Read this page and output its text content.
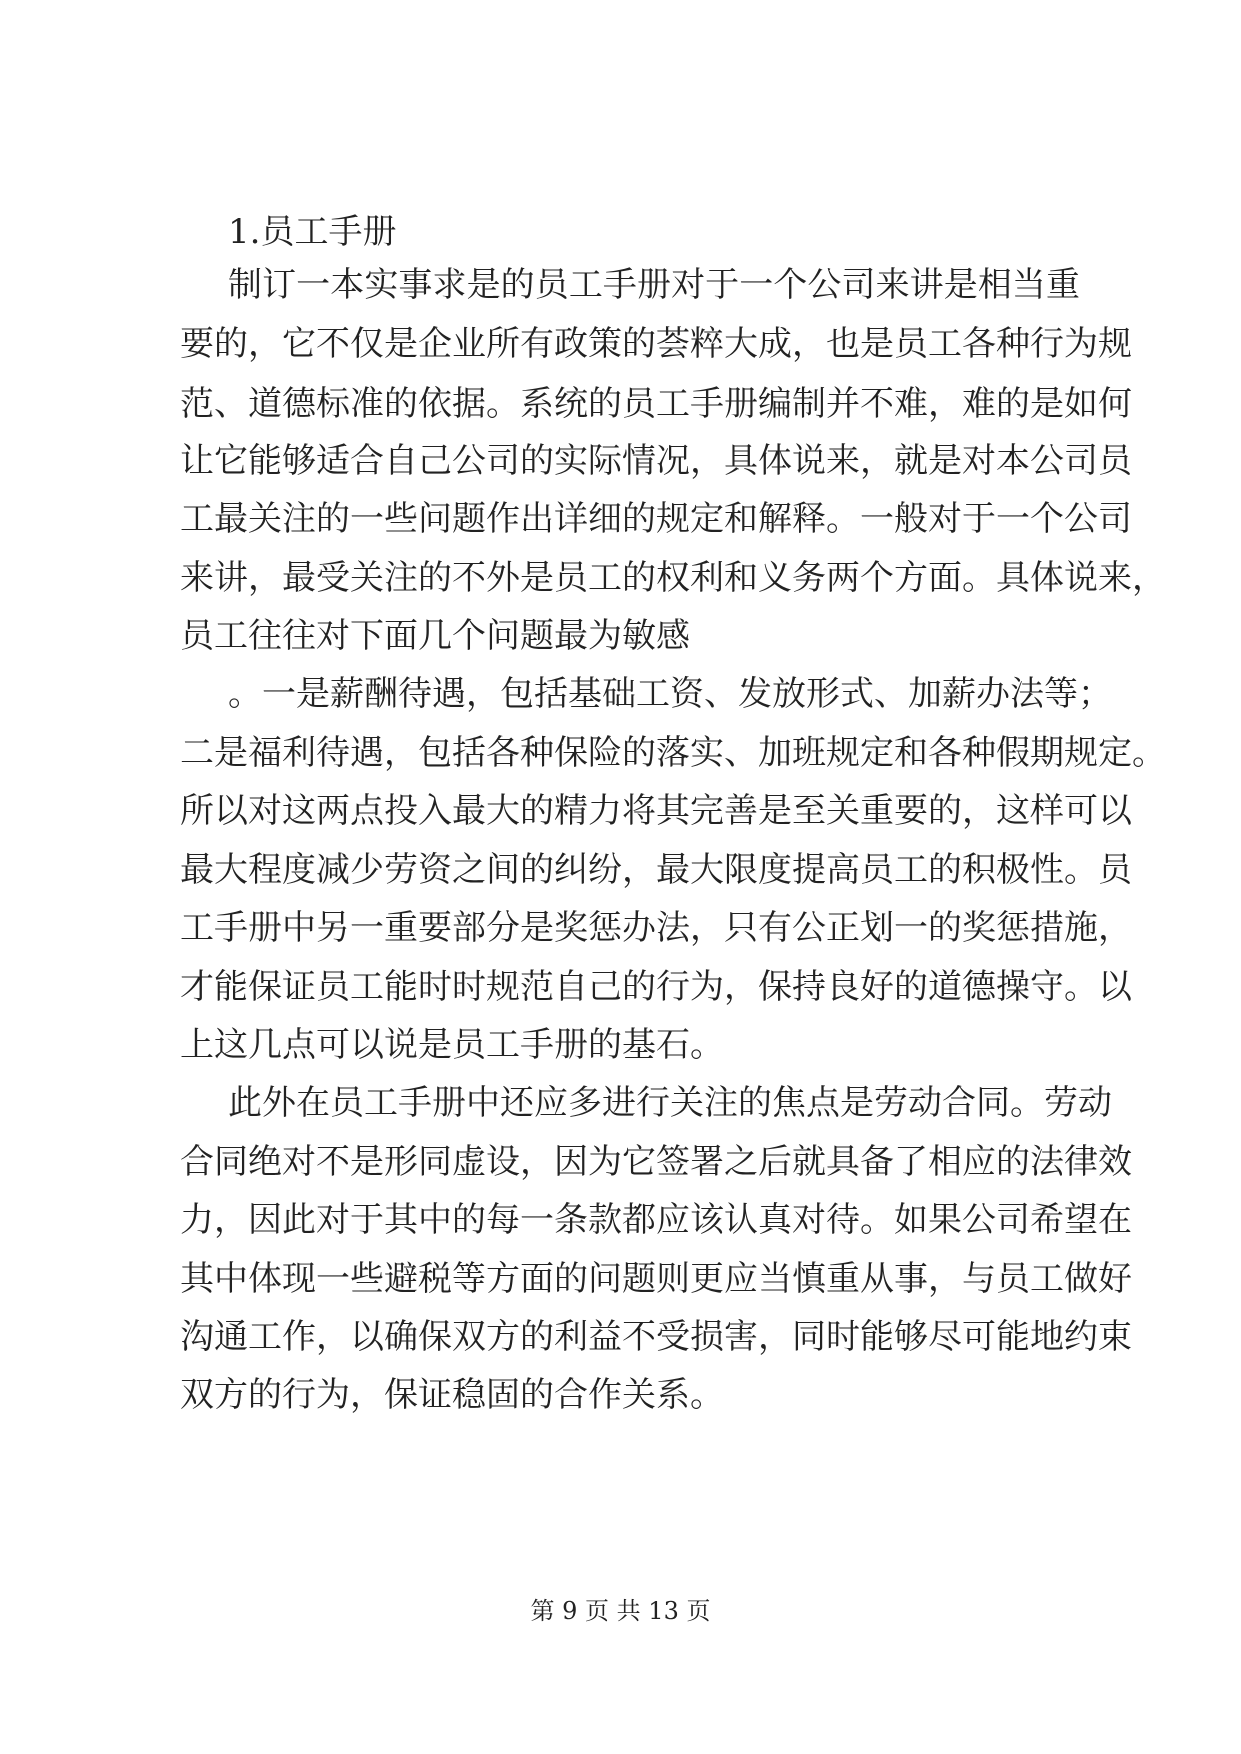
1.员工手册
制订一本实事求是的员工手册对于一个公司来讲是相当重
要的，它不仅是企业所有政策的荟粹大成，也是员工各种行为规
范、道德标准的依据。系统的员工手册编制并不难，难的是如何
让它能够适合自己公司的实际情况，具体说来，就是对本公司员
工最关注的一些问题作出详细的规定和解释。一般对于一个公司
来讲，最受关注的不外是员工的权利和义务两个方面。具体说来，
员工往往对下面几个问题最为敏感
。一是薪酬待遇，包括基础工资、发放形式、加薪办法等；
二是福利待遇，包括各种保险的落实、加班规定和各种假期规定。
所以对这两点投入最大的精力将其完善是至关重要的，这样可以
最大程度减少劳资之间的纠纷，最大限度提高员工的积极性。员
工手册中另一重要部分是奖惩办法，只有公正划一的奖惩措施，
才能保证员工能时时规范自己的行为，保持良好的道德操守。以
上这几点可以说是员工手册的基石。
此外在员工手册中还应多进行关注的焦点是劳动合同。劳动
合同绝对不是形同虚设，因为它签署之后就具备了相应的法律效
力，因此对于其中的每一条款都应该认真对待。如果公司希望在
其中体现一些避税等方面的问题则更应当慎重从事，与员工做好
沟通工作，以确保双方的利益不受损害，同时能够尽可能地约束
双方的行为，保证稳固的合作关系。
第 9 页 共 13 页
